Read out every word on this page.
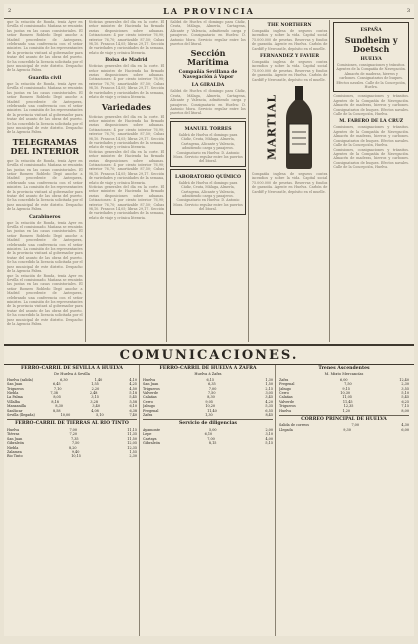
2	LA PROVINCIA	3
que la estación de Ronda, tenía Ayer en Sevilla el comisionado. Mañana se reunirán las juntas en las casas consistoriales. El señor Romero Robledo llegó anoche a Madrid procedente de Antequera, celebrando una conferencia con el señor ministro. La comisión de los representantes de la provincia visitará al gobernador para tratar del asunto de las obras del puerto. Se ha concedido la licencia solicitada por el juez municipal de este distrito. Despacho de la Agencia Fabra.
Guardia civil
que la estación de Ronda, tenía Ayer en Sevilla el comisionado. Mañana se reunirán las juntas en las casas consistoriales. El señor Romero Robledo llegó anoche a Madrid procedente de Antequera, celebrando una conferencia con el señor ministro. La comisión de los representantes de la provincia visitará al gobernador para tratar del asunto de las obras del puerto. Se ha concedido la licencia solicitada por el juez municipal de este distrito. Despacho de la Agencia Fabra.
TELEGRAMAS DEL INTERIOR
que la estación de Ronda, tenía Ayer en Sevilla el comisionado. Mañana se reunirán las juntas en las casas consistoriales. El señor Romero Robledo llegó anoche a Madrid procedente de Antequera, celebrando una conferencia con el señor ministro. La comisión de los representantes de la provincia visitará al gobernador para tratar del asunto de las obras del puerto. Se ha concedido la licencia solicitada por el juez municipal de este distrito. Despacho de la Agencia Fabra.
Carabineros
que la estación de Ronda, tenía Ayer en Sevilla el comisionado. Mañana se reunirán las juntas en las casas consistoriales. El señor Romero Robledo llegó anoche a Madrid procedente de Antequera, celebrando una conferencia con el señor ministro. La comisión de los representantes de la provincia visitará al gobernador para tratar del asunto de las obras del puerto. Se ha concedido la licencia solicitada por el juez municipal de este distrito. Despacho de la Agencia Fabra.
que la estación de Ronda, tenía Ayer en Sevilla el comisionado. Mañana se reunirán las juntas en las casas consistoriales. El señor Romero Robledo llegó anoche a Madrid procedente de Antequera, celebrando una conferencia con el señor ministro. La comisión de los representantes de la provincia visitará al gobernador para tratar del asunto de las obras del puerto. Se ha concedido la licencia solicitada por el juez municipal de este distrito. Despacho de la Agencia Fabra.
Noticias generales del día en la corte. El señor ministro de Hacienda ha firmado varias disposiciones sobre aduanas. Cotizaciones: 4 por ciento interior 76,90; exterior 76,70; amortizable 87,50; Cubas 98,10. Francos 14,05; libras 29,17. Sección de variedades y curiosidades de la semana, relato de viaje y crónica literaria.
Bolsa de Madrid
Noticias generales del día en la corte. El señor ministro de Hacienda ha firmado varias disposiciones sobre aduanas. Cotizaciones: 4 por ciento interior 76,90; exterior 76,70; amortizable 87,50; Cubas 98,10. Francos 14,05; libras 29,17. Sección de variedades y curiosidades de la semana, relato de viaje y crónica literaria.
Variedades
Noticias generales del día en la corte. El señor ministro de Hacienda ha firmado varias disposiciones sobre aduanas. Cotizaciones: 4 por ciento interior 76,90; exterior 76,70; amortizable 87,50; Cubas 98,10. Francos 14,05; libras 29,17. Sección de variedades y curiosidades de la semana, relato de viaje y crónica literaria.
Noticias generales del día en la corte. El señor ministro de Hacienda ha firmado varias disposiciones sobre aduanas. Cotizaciones: 4 por ciento interior 76,90; exterior 76,70; amortizable 87,50; Cubas 98,10. Francos 14,05; libras 29,17. Sección de variedades y curiosidades de la semana, relato de viaje y crónica literaria.
Noticias generales del día en la corte. El señor ministro de Hacienda ha firmado varias disposiciones sobre aduanas. Cotizaciones: 4 por ciento interior 76,90; exterior 76,70; amortizable 87,50; Cubas 98,10. Francos 14,05; libras 29,17. Sección de variedades y curiosidades de la semana, relato de viaje y crónica literaria.
Saldrá de Huelva el domingo para Cádiz, Ceuta, Málaga, Almería, Cartagena, Alicante y Valencia, admitiendo carga y pasajeros. Consignatario en Huelva: D. Antonio Mora. Servicio regular entre los puertos del litoral.
Sección Marítima
Compañía Sevillana de Navegación á Vapor
LA GIRALDA
Saldrá de Huelva el domingo para Cádiz, Ceuta, Málaga, Almería, Cartagena, Alicante y Valencia, admitiendo carga y pasajeros. Consignatario en Huelva: D. Antonio Mora. Servicio regular entre los puertos del litoral.
MANUEL TORRES
Saldrá de Huelva el domingo para Cádiz, Ceuta, Málaga, Almería, Cartagena, Alicante y Valencia, admitiendo carga y pasajeros. Consignatario en Huelva: D. Antonio Mora. Servicio regular entre los puertos del litoral.
LABORATORIO QUÍMICO
Saldrá de Huelva el domingo para Cádiz, Ceuta, Málaga, Almería, Cartagena, Alicante y Valencia, admitiendo carga y pasajeros. Consignatario en Huelva: D. Antonio Mora. Servicio regular entre los puertos del litoral.
THE NORTHERN
Compañía inglesa de seguros contra incendios y sobre la vida. Capital social 75.000.000 de pesetas. Reservas y fondos de garantía. Agente en Huelva. Carbón de Cardiff y Newcastle, depósito en el muelle.
FERNANDEZ Y FAVIER
Compañía inglesa de seguros contra incendios y sobre la vida. Capital social 75.000.000 de pesetas. Reservas y fondos de garantía. Agente en Huelva. Carbón de Cardiff y Newcastle, depósito en el muelle.
MARTIAL
Compañía inglesa de seguros contra incendios y sobre la vida. Capital social 75.000.000 de pesetas. Reservas y fondos de garantía. Agente en Huelva. Carbón de Cardiff y Newcastle, depósito en el muelle.
ESPAÑA
Sundheim y Doetsch
HUELVA
Comisiones, consignaciones y tránsitos. Agentes de la Compañía de Navegación. Almacén de maderas, hierros y carbones. Consignatarios de buques. Efectos navales. Calle de la Concepción, Huelva.
Comisiones, consignaciones y tránsitos. Agentes de la Compañía de Navegación. Almacén de maderas, hierros y carbones. Consignatarios de buques. Efectos navales. Calle de la Concepción, Huelva.
M. FABERO DE LA CRUZ
Comisiones, consignaciones y tránsitos. Agentes de la Compañía de Navegación. Almacén de maderas, hierros y carbones. Consignatarios de buques. Efectos navales. Calle de la Concepción, Huelva.
Comisiones, consignaciones y tránsitos. Agentes de la Compañía de Navegación. Almacén de maderas, hierros y carbones. Consignatarios de buques. Efectos navales. Calle de la Concepción, Huelva.
COMUNICACIONES.
FERRO-CARRIL DE SEVILLA Á HUELVA
De Huelva á Sevilla
Huelva (salida)	6,30	1,40	4,10
San Juan	6,45	1,55	4,25
Trigueros	7,10	2,20	4,50
Niebla	7,38	2,48	5,18
La Palma	8,05	3,15	5,45
Villalba	8,18	3,28	5,58
Manzanilla	8,30	3,40	6,10
Sanlúcar	8,58	4,08	6,38
Sevilla (llegada)	10,00	5,10	7,40
FERRO-CARRIL DE TIÉRRAS AL RIO TINTO
Huelva	7,00	11,15
Tiérras	7,20	11,35
San Juan	7,35	11,50
Gibraleón	7,50	12,05
Niebla	8,20	12,35
Zalamea	9,40	1,55
Rio Tinto	10,15	2,30
FERRO-CARRIL DE HUELVA Á ZAFRA
Huelva á Zafra
Huelva	6,15	1,30
San Juan	6,35	1,50
Trigueros	7,00	2,15
Valverde	7,50	3,05
Calañas	8,30	3,45
Cerro	9,05	4,20
Jabugo	10,20	5,35
Fregenal	11,40	6,55
Zafra	1,30	8,45
Servicio de diligencias
Ayamonte	5,00	2,00
Lepe	6,10	3,10
Cartaya	7,00	4,00
Gibraleón	8,15	5,15
Trenes Ascendentes
M. Mixto Mercancías
Zafra	6,00	12,40
Fregenal	7,50	2,30
Jabugo	9,15	3,55
Cerro	10,30	5,10
Calañas	11,05	5,45
Valverde	11,45	6,25
Trigueros	12,35	7,15
Huelva	1,20	8,00
CORREO PRINCIPAL DE HUELVA
Salida de correos	7,00	4,30
Llegada	9,30	6,00
